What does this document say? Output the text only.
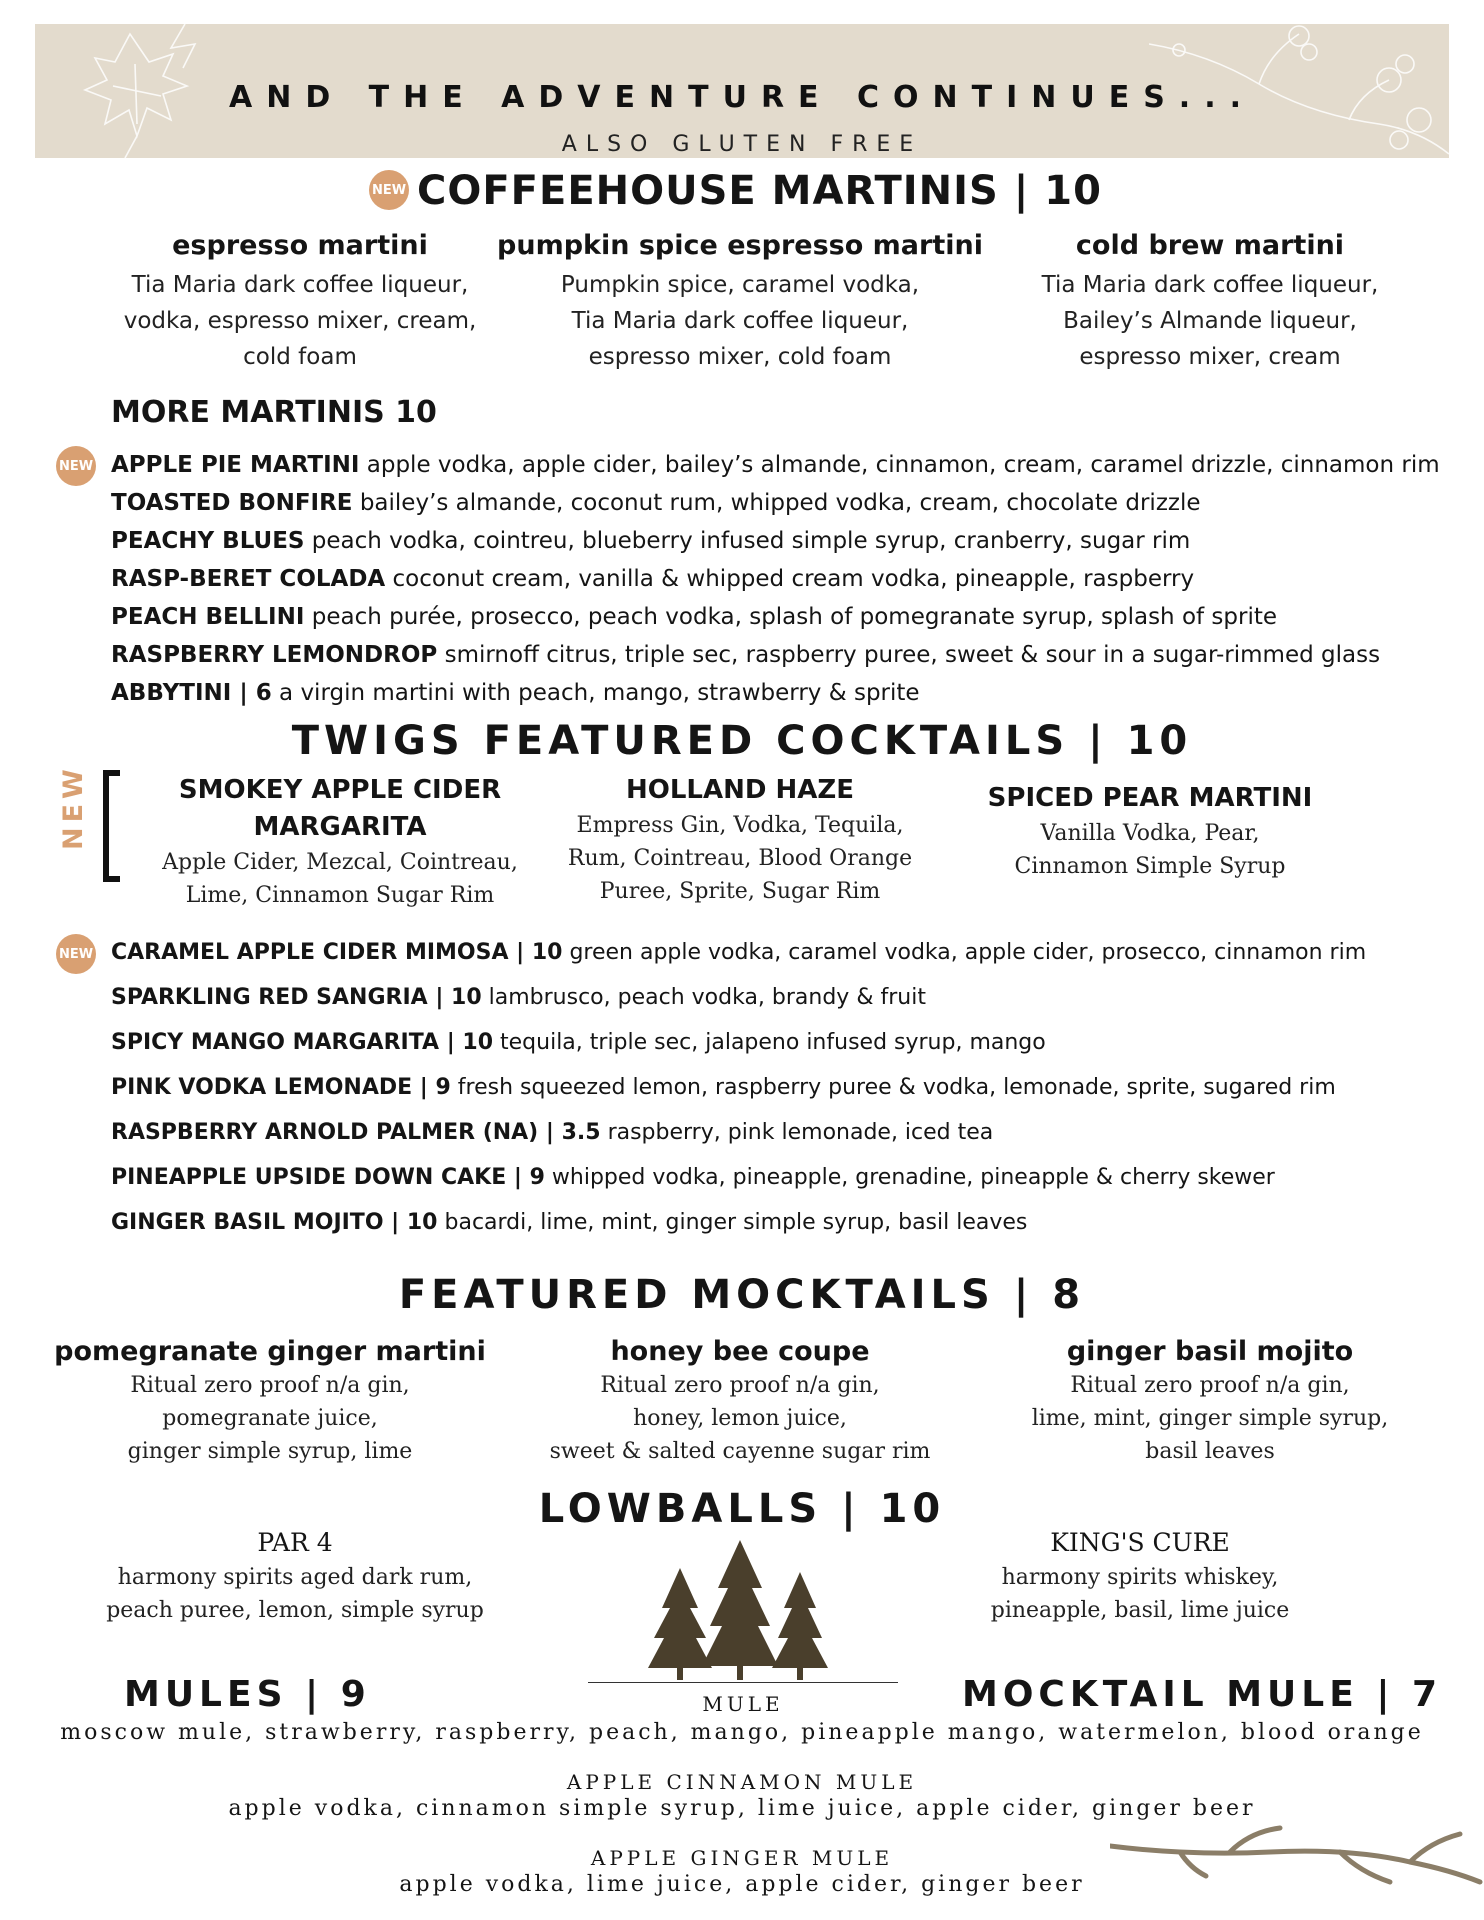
AND THE ADVENTURE CONTINUES...
ALSO GLUTEN FREE
NEW COFFEEHOUSE MARTINIS | 10
espresso martini
Tia Maria dark coffee liqueur,
vodka, espresso mixer, cream,
cold foam
pumpkin spice espresso martini
Pumpkin spice, caramel vodka,
Tia Maria dark coffee liqueur,
espresso mixer, cold foam
cold brew martini
Tia Maria dark coffee liqueur,
Bailey’s Almande liqueur,
espresso mixer, cream
MORE MARTINIS 10
NEW APPLE PIE MARTINI apple vodka, apple cider, bailey’s almande, cinnamon, cream, caramel drizzle, cinnamon rim
TOASTED BONFIRE bailey’s almande, coconut rum, whipped vodka, cream, chocolate drizzle
PEACHY BLUES peach vodka, cointreu, blueberry infused simple syrup, cranberry, sugar rim
RASP-BERET COLADA coconut cream, vanilla & whipped cream vodka, pineapple, raspberry
PEACH BELLINI peach purée, prosecco, peach vodka, splash of pomegranate syrup, splash of sprite
RASPBERRY LEMONDROP smirnoff citrus, triple sec, raspberry puree, sweet & sour in a sugar-rimmed glass
ABBYTINI | 6 a virgin martini with peach, mango, strawberry & sprite
TWIGS FEATURED COCKTAILS | 10
NEW	SMOKEY APPLE CIDER
MARGARITA
Apple Cider, Mezcal, Cointreau,
Lime, Cinnamon Sugar Rim
HOLLAND HAZE
Empress Gin, Vodka, Tequila,
Rum, Cointreau, Blood Orange
Puree, Sprite, Sugar Rim
SPICED PEAR MARTINI
Vanilla Vodka, Pear,
Cinnamon Simple Syrup
NEW CARAMEL APPLE CIDER MIMOSA | 10 green apple vodka, caramel vodka, apple cider, prosecco, cinnamon rim
SPARKLING RED SANGRIA | 10 lambrusco, peach vodka, brandy & fruit
SPICY MANGO MARGARITA | 10 tequila, triple sec, jalapeno infused syrup, mango
PINK VODKA LEMONADE | 9 fresh squeezed lemon, raspberry puree & vodka, lemonade, sprite, sugared rim
RASPBERRY ARNOLD PALMER (NA) | 3.5 raspberry, pink lemonade, iced tea
PINEAPPLE UPSIDE DOWN CAKE | 9 whipped vodka, pineapple, grenadine, pineapple & cherry skewer
GINGER BASIL MOJITO | 10 bacardi, lime, mint, ginger simple syrup, basil leaves
FEATURED MOCKTAILS | 8
pomegranate ginger martini
Ritual zero proof n/a gin,
pomegranate juice,
ginger simple syrup, lime
honey bee coupe
Ritual zero proof n/a gin,
honey, lemon juice,
sweet & salted cayenne sugar rim
ginger basil mojito
Ritual zero proof n/a gin,
lime, mint, ginger simple syrup,
basil leaves
LOWBALLS | 10
PAR 4
harmony spirits aged dark rum,
peach puree, lemon, simple syrup
KING'S CURE
harmony spirits whiskey,
pineapple, basil, lime juice
MULES | 9	MULE	MOCKTAIL MULE | 7
moscow mule, strawberry, raspberry, peach, mango, pineapple mango, watermelon, blood orange
APPLE CINNAMON MULE
apple vodka, cinnamon simple syrup, lime juice, apple cider, ginger beer
APPLE GINGER MULE
apple vodka, lime juice, apple cider, ginger beer
